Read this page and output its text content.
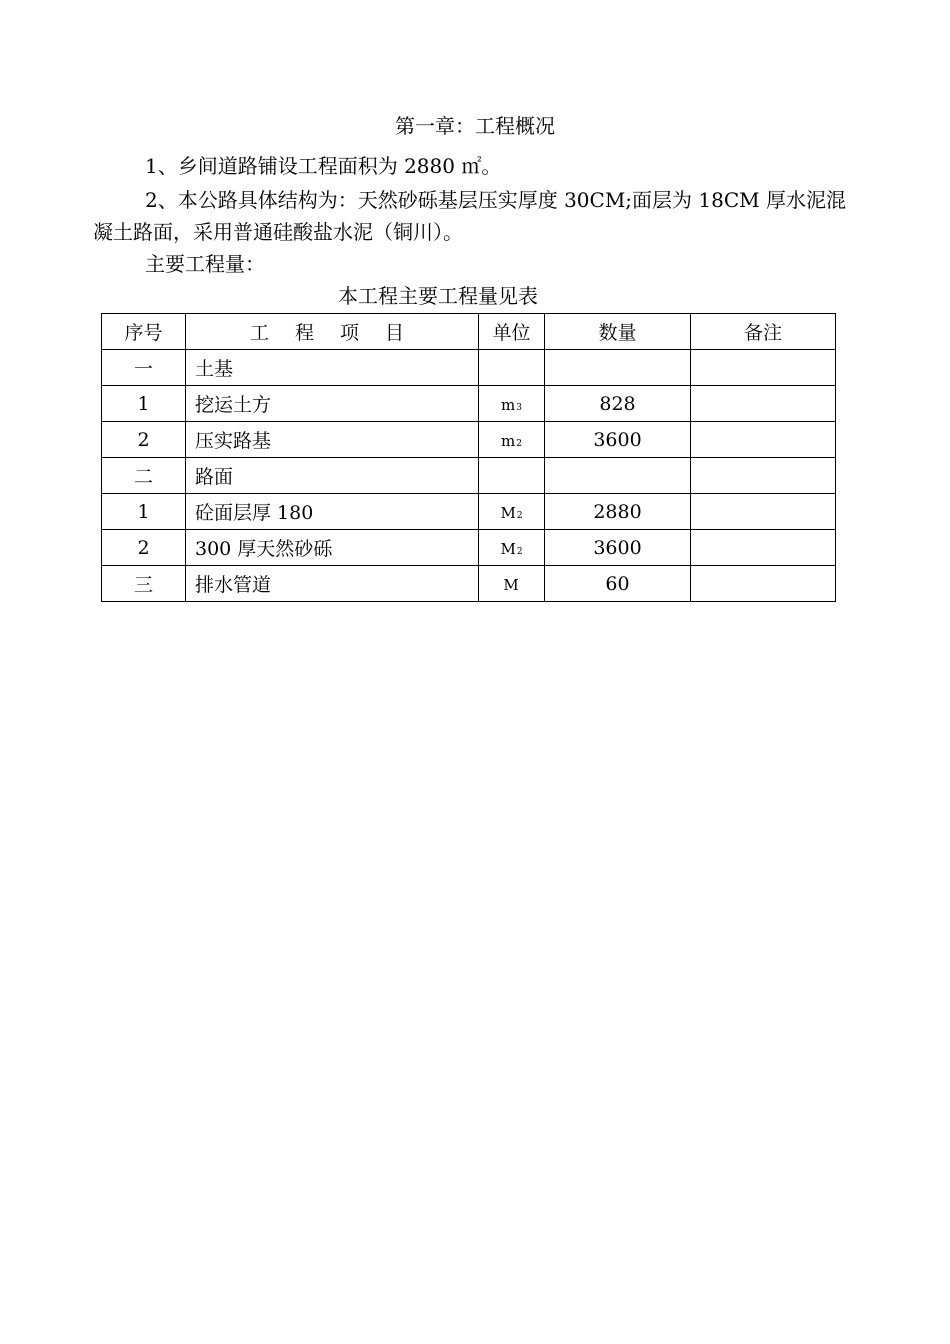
第一章：工程概况
1、乡间道路铺设工程面积为 2880 ㎡。
2、本公路具体结构为：天然砂砾基层压实厚度 30CM;面层为 18CM 厚水泥混凝土路面，采用普通硅酸盐水泥（铜川）。
主要工程量：
本工程主要工程量见表
序号	工 程 项 目	单位	数量	备注
一	土基			
1	挖运土方	m3	828	
2	压实路基	m2	3600	
二	路面			
1	砼面层厚 180	M2	2880	
2	300 厚天然砂砾	M2	3600	
三	排水管道	M	60	
